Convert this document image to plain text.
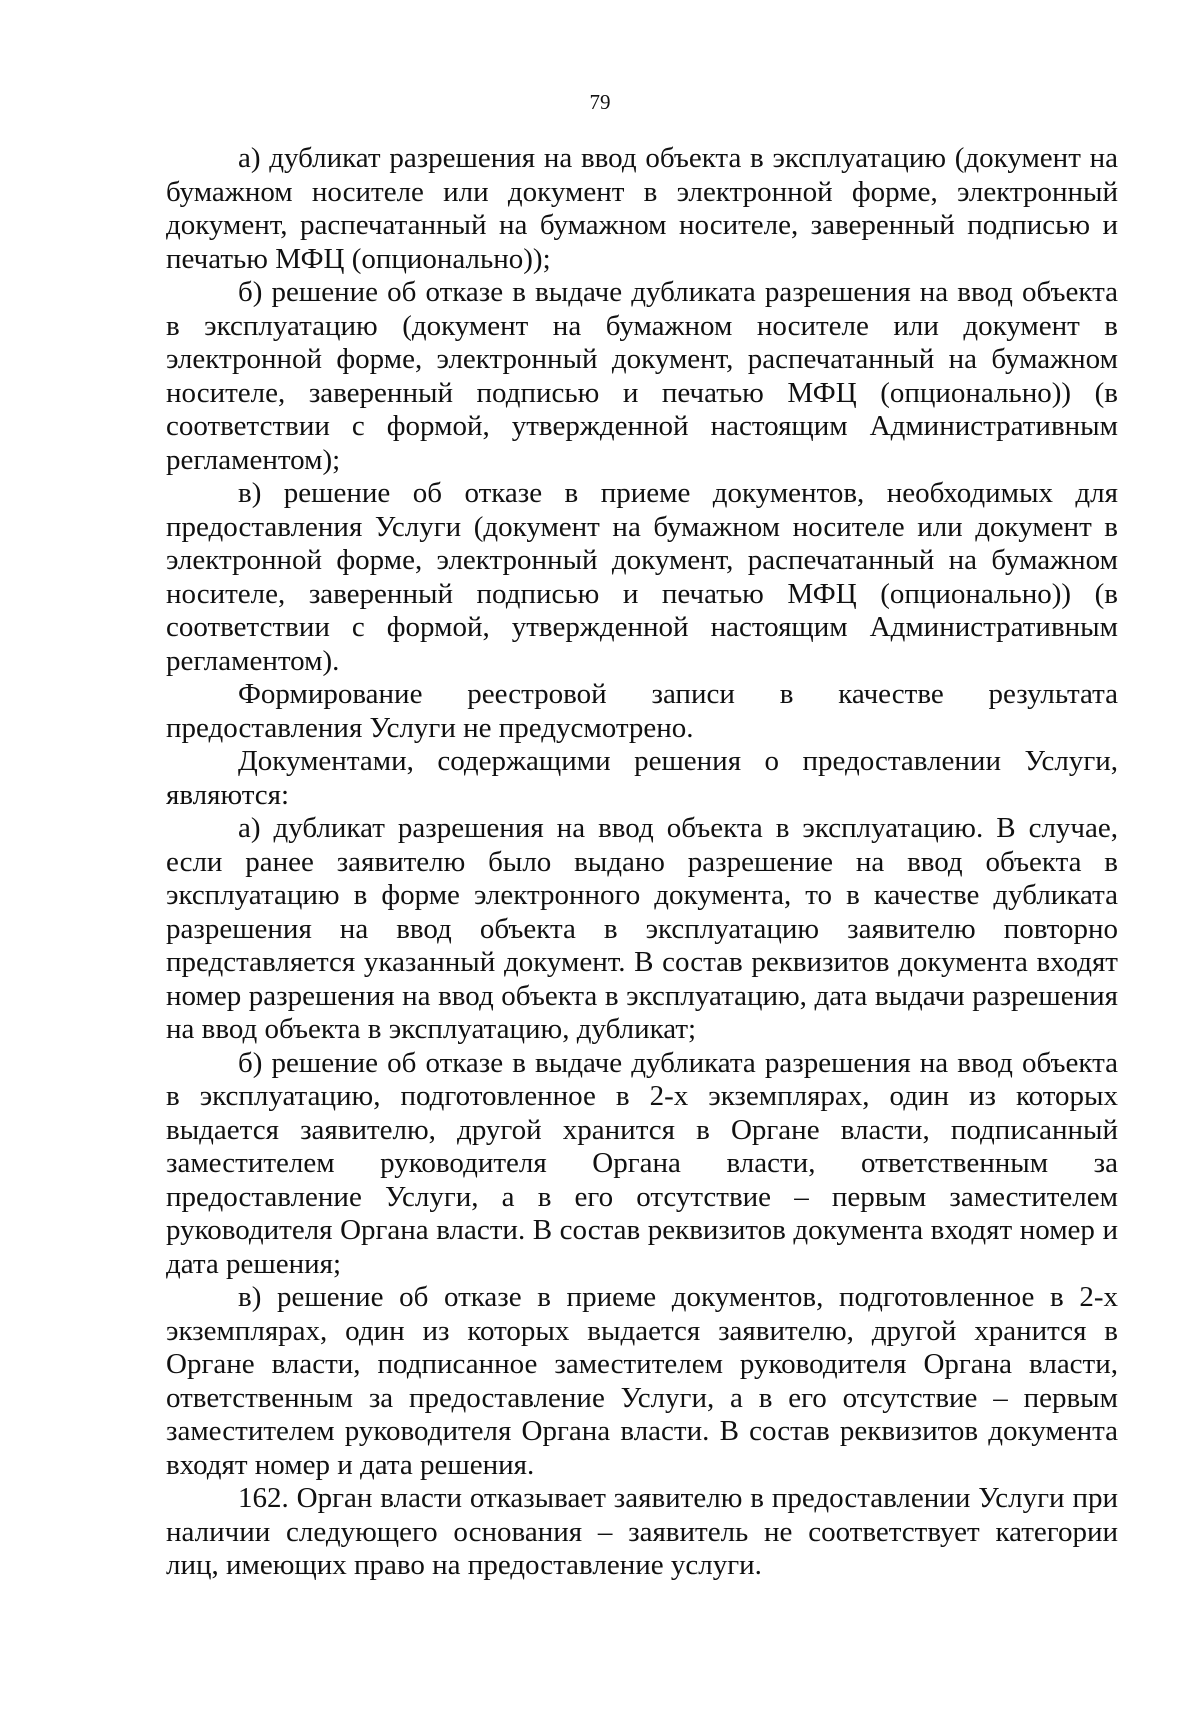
79

а) дубликат разрешения на ввод объекта в эксплуатацию (документ на бумажном носителе или документ в электронной форме, электронный документ, распечатанный на бумажном носителе, заверенный подписью и печатью МФЦ (опционально));

б) решение об отказе в выдаче дубликата разрешения на ввод объекта в эксплуатацию (документ на бумажном носителе или документ в электронной форме, электронный документ, распечатанный на бумажном носителе, заверенный подписью и печатью МФЦ (опционально)) (в соответствии с формой, утвержденной настоящим Административным регламентом);

в) решение об отказе в приеме документов, необходимых для предоставления Услуги (документ на бумажном носителе или документ в электронной форме, электронный документ, распечатанный на бумажном носителе, заверенный подписью и печатью МФЦ (опционально)) (в соответствии с формой, утвержденной настоящим Административным регламентом).

Формирование реестровой записи в качестве результата предоставления Услуги не предусмотрено.

Документами, содержащими решения о предоставлении Услуги, являются:

а) дубликат разрешения на ввод объекта в эксплуатацию. В случае, если ранее заявителю было выдано разрешение на ввод объекта в эксплуатацию в форме электронного документа, то в качестве дубликата разрешения на ввод объекта в эксплуатацию заявителю повторно представляется указанный документ. В состав реквизитов документа входят номер разрешения на ввод объекта в эксплуатацию, дата выдачи разрешения на ввод объекта в эксплуатацию, дубликат;

б) решение об отказе в выдаче дубликата разрешения на ввод объекта в эксплуатацию, подготовленное в 2-х экземплярах, один из которых выдается заявителю, другой хранится в Органе власти, подписанный заместителем руководителя Органа власти, ответственным за предоставление Услуги, а в его отсутствие – первым заместителем руководителя Органа власти. В состав реквизитов документа входят номер и дата решения;

в) решение об отказе в приеме документов, подготовленное в 2-х экземплярах, один из которых выдается заявителю, другой хранится в Органе власти, подписанное заместителем руководителя Органа власти, ответственным за предоставление Услуги, а в его отсутствие – первым заместителем руководителя Органа власти. В состав реквизитов документа входят номер и дата решения.

162. Орган власти отказывает заявителю в предоставлении Услуги при наличии следующего основания – заявитель не соответствует категории лиц, имеющих право на предоставление услуги.
